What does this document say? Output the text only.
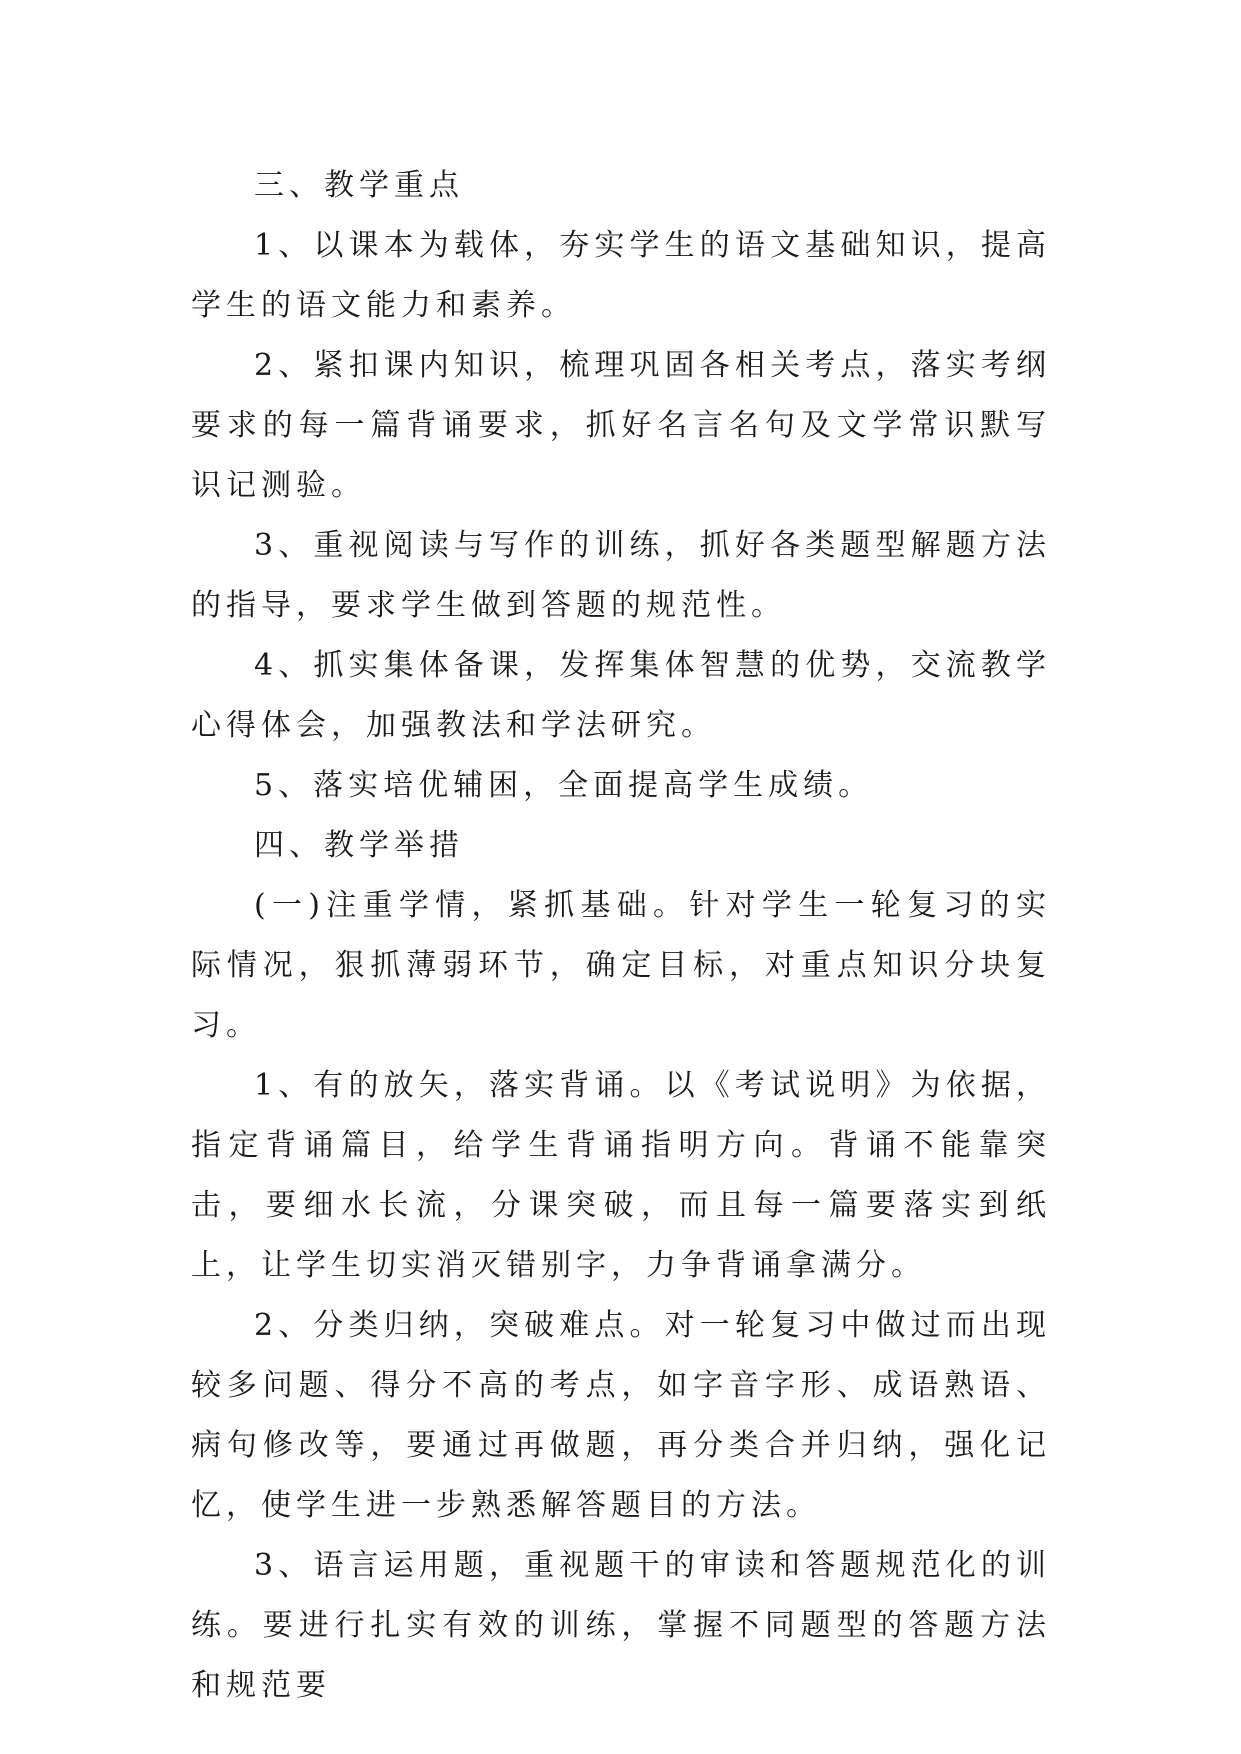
三、教学重点

1、以课本为载体，夯实学生的语文基础知识，提高学生的语文能力和素养。

2、紧扣课内知识，梳理巩固各相关考点，落实考纲要求的每一篇背诵要求，抓好名言名句及文学常识默写识记测验。

3、重视阅读与写作的训练，抓好各类题型解题方法的指导，要求学生做到答题的规范性。

4、抓实集体备课，发挥集体智慧的优势，交流教学心得体会，加强教法和学法研究。

5、落实培优辅困，全面提高学生成绩。

四、教学举措

(一)注重学情，紧抓基础。针对学生一轮复习的实际情况，狠抓薄弱环节，确定目标，对重点知识分块复习。

1、有的放矢，落实背诵。以《考试说明》为依据，指定背诵篇目，给学生背诵指明方向。背诵不能靠突击，要细水长流，分课突破，而且每一篇要落实到纸上，让学生切实消灭错别字，力争背诵拿满分。

2、分类归纳，突破难点。对一轮复习中做过而出现较多问题、得分不高的考点，如字音字形、成语熟语、病句修改等，要通过再做题，再分类合并归纳，强化记忆，使学生进一步熟悉解答题目的方法。

3、语言运用题，重视题干的审读和答题规范化的训练。要进行扎实有效的训练，掌握不同题型的答题方法和规范要
